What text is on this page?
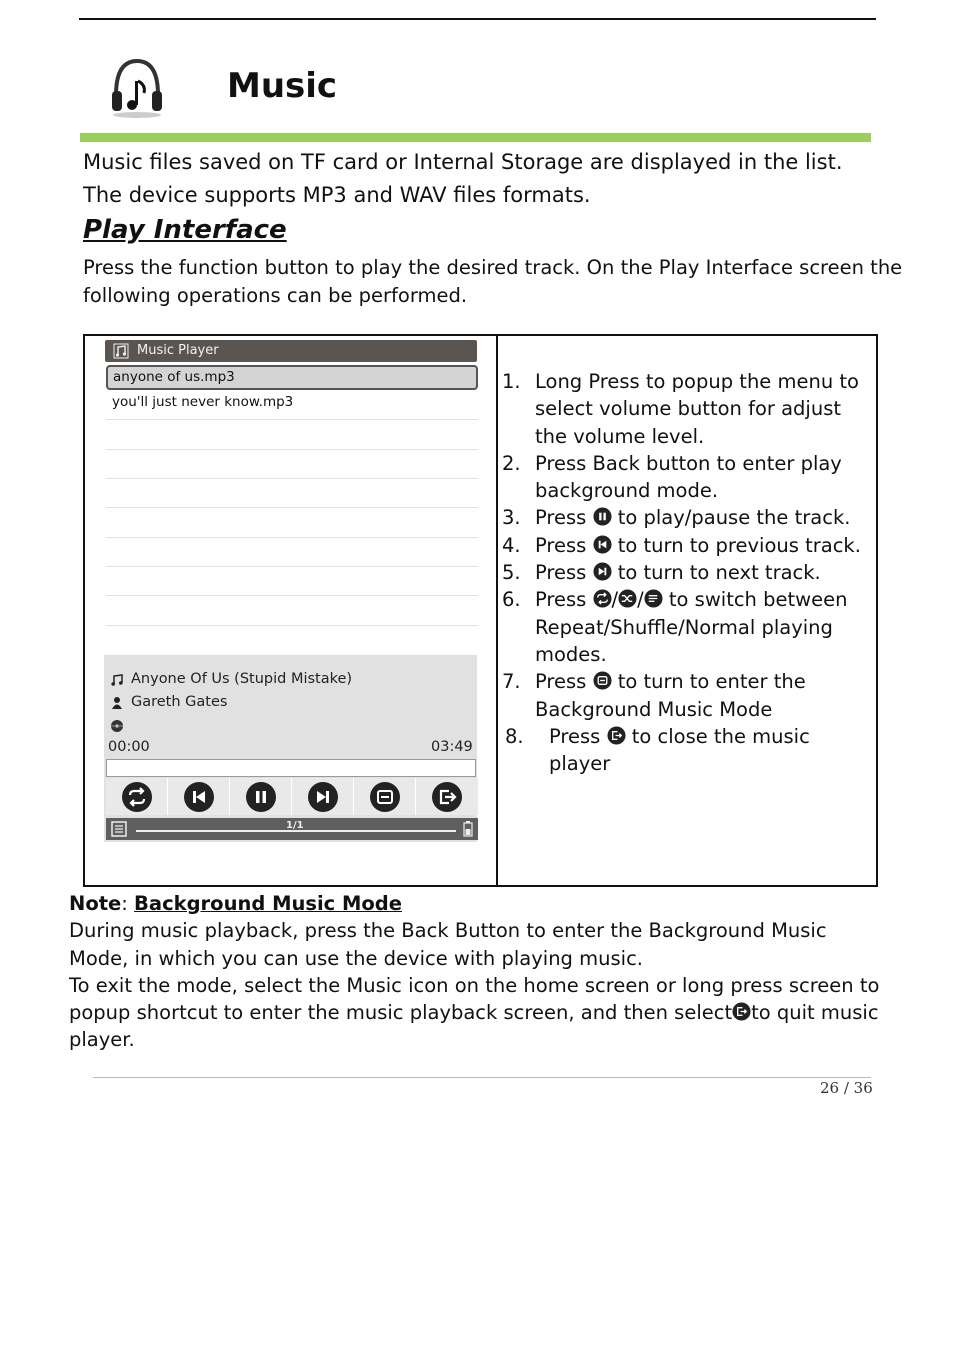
Music
Music files saved on TF card or Internal Storage are displayed in the list.
The device supports MP3 and WAV files formats.
Play Interface
Press the function button to play the desired track. On the Play Interface screen the following operations can be performed.
Music Player
anyone of us.mp3
you'll just never know.mp3
Anyone Of Us (Stupid Mistake)
Gareth Gates
00:00	03:49
1/1
1. Long Press to popup the menu to select volume button for adjust the volume level.
2. Press Back button to enter play background mode.
3. Press to play/pause the track.
4. Press to turn to previous track.
5. Press to turn to next track.
6. Press / / to switch between Repeat/Shuffle/Normal playing modes.
7. Press to turn to enter the Background Music Mode
8. Press to close the music player
Note: Background Music Mode
During music playback, press the Back Button to enter the Background Music Mode, in which you can use the device with playing music.
To exit the mode, select the Music icon on the home screen or long press screen to popup shortcut to enter the music playback screen, and then select to quit music player.
26 / 36
